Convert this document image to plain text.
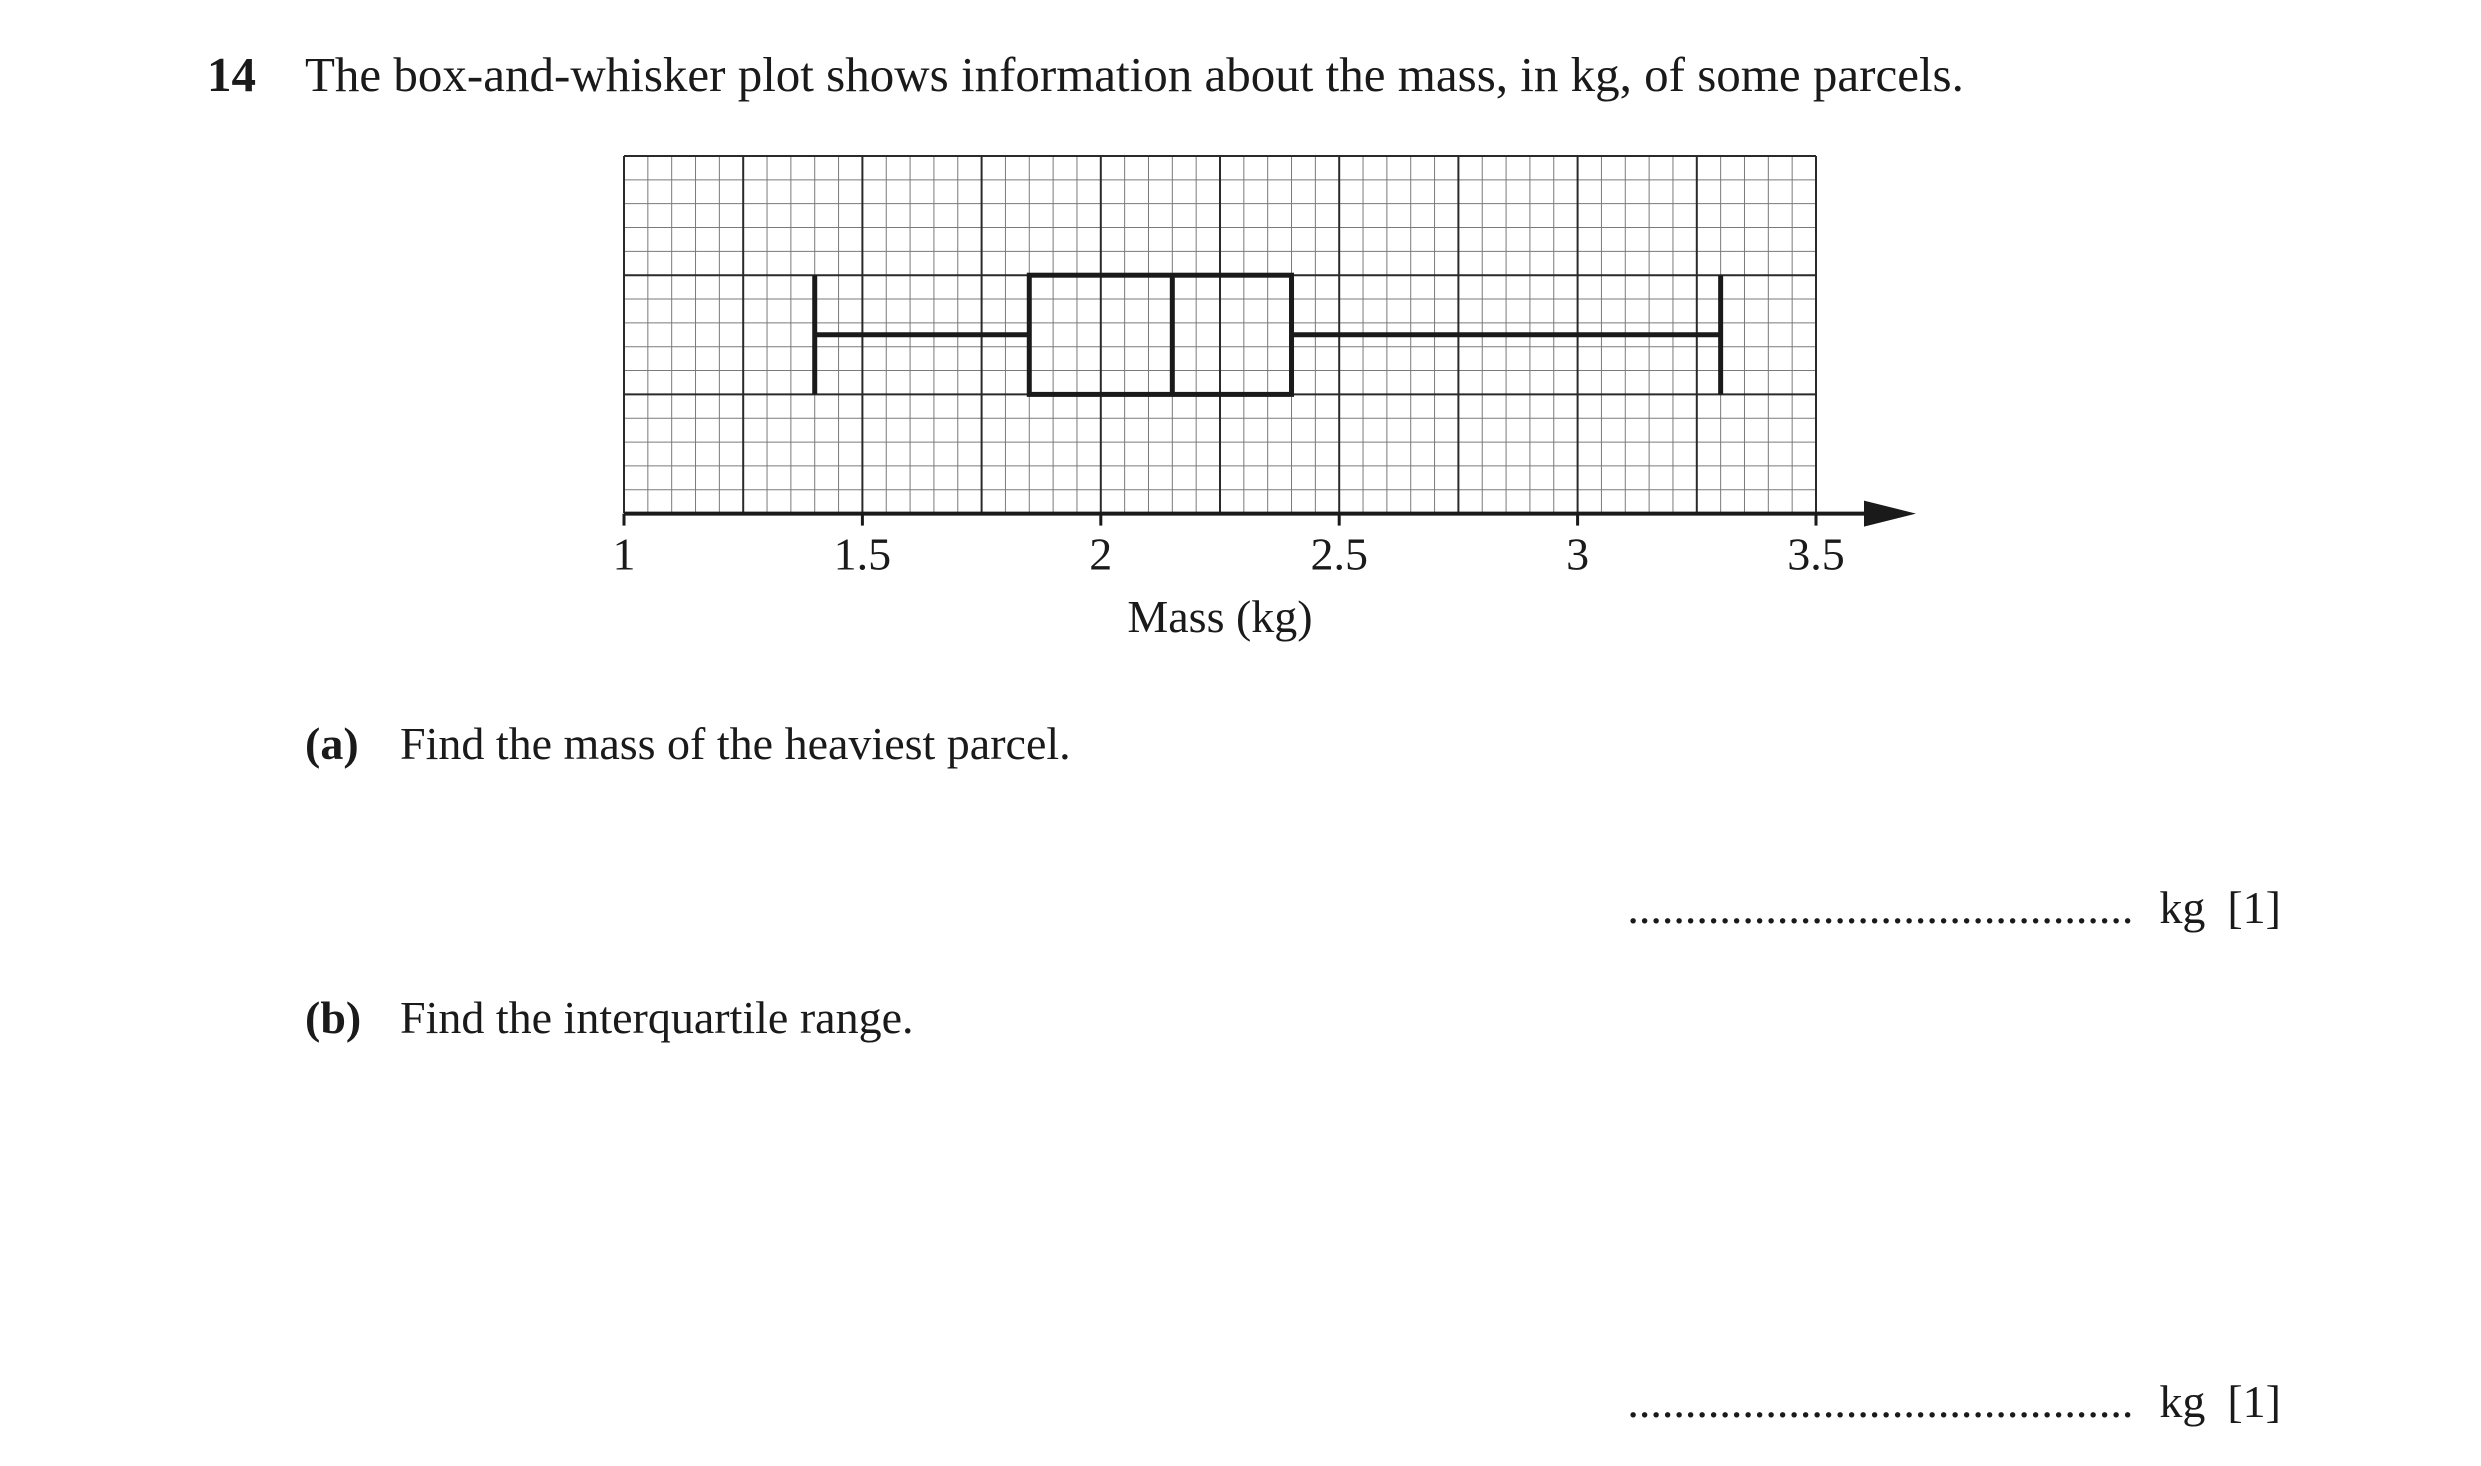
14 The box-and-whisker plot shows information about the mass, in kg, of some parcels.
1	1.5	2	2.5	3	3.5
Mass (kg)
(a) Find the mass of the heaviest parcel.
............................................ kg [1]
(b) Find the interquartile range.
............................................ kg [1]
